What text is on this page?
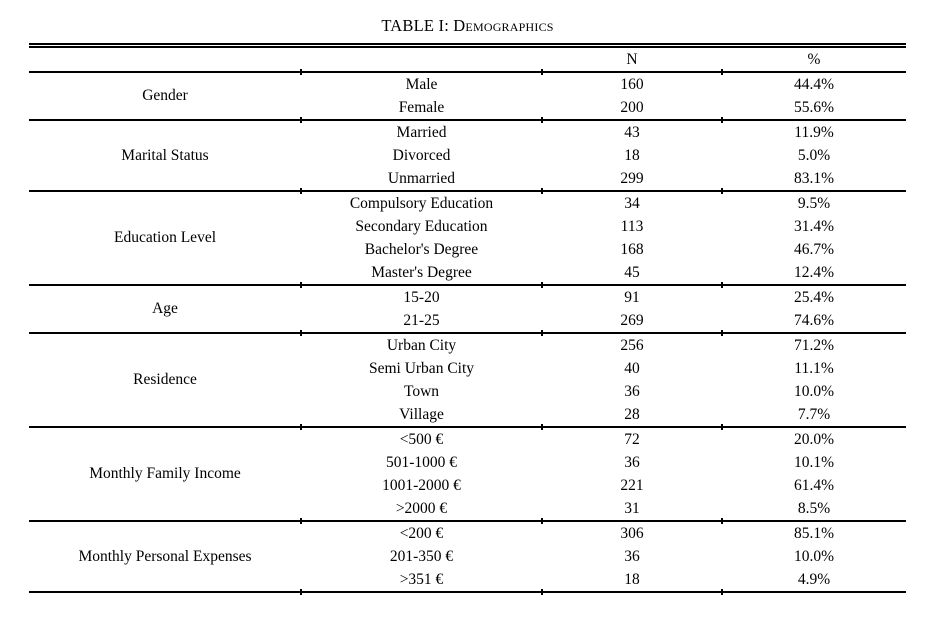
TABLE I: Demographics
		N	%
Gender	Male	160	44.4%
	Female	200	55.6%
Marital Status	Married	43	11.9%
	Divorced	18	5.0%
	Unmarried	299	83.1%
Education Level	Compulsory Education	34	9.5%
	Secondary Education	113	31.4%
	Bachelor's Degree	168	46.7%
	Master's Degree	45	12.4%
Age	15-20	91	25.4%
	21-25	269	74.6%
Residence	Urban City	256	71.2%
	Semi Urban City	40	11.1%
	Town	36	10.0%
	Village	28	7.7%
Monthly Family Income	<500 €	72	20.0%
	501-1000 €	36	10.1%
	1001-2000 €	221	61.4%
	>2000 €	31	8.5%
Monthly Personal Expenses	<200 €	306	85.1%
	201-350 €	36	10.0%
	>351 €	18	4.9%
